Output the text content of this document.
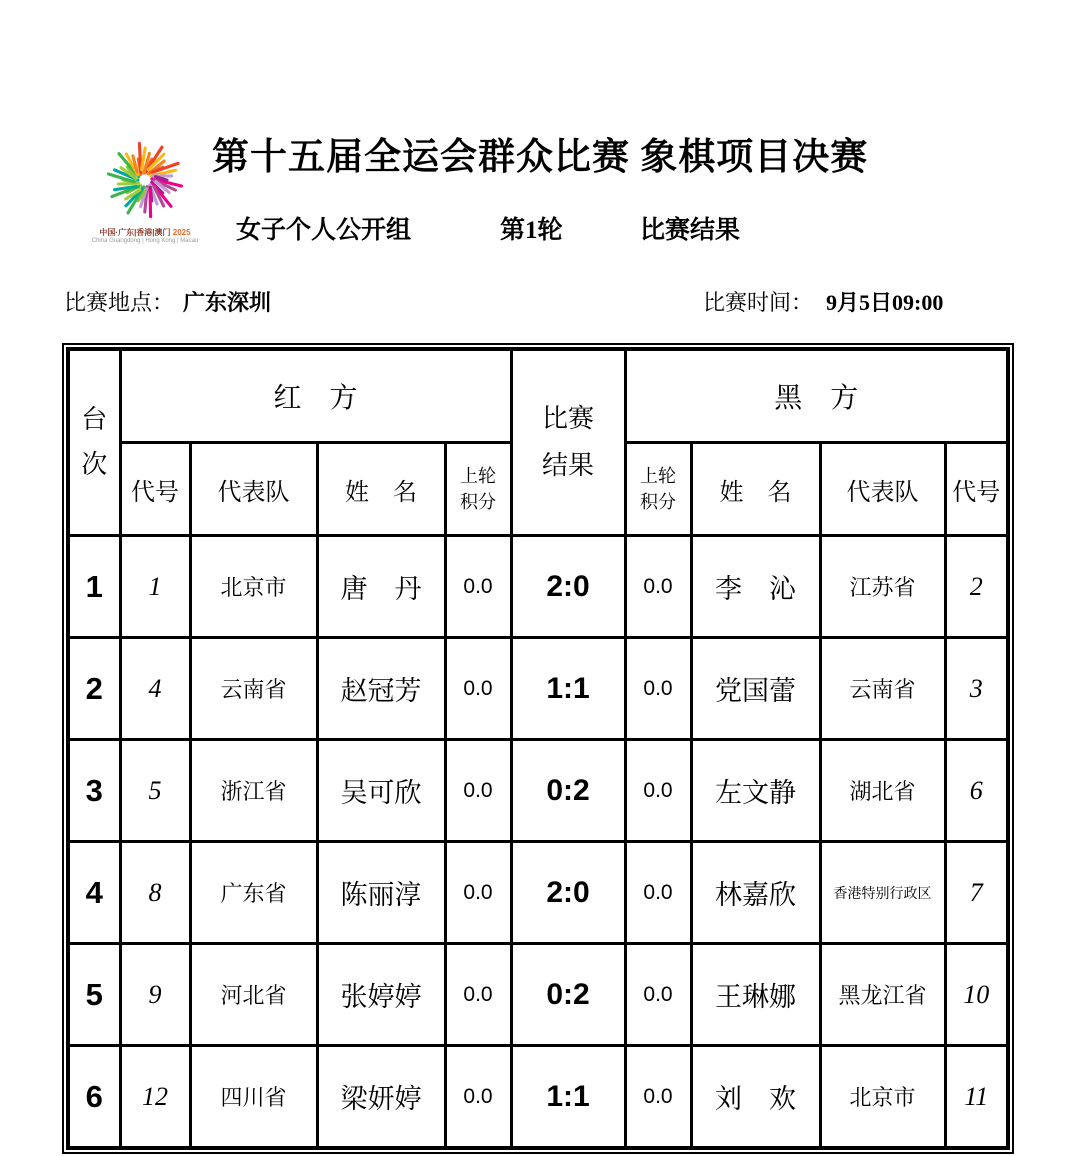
中国·广东|香港|澳门 2025
China Guangdong | Hong Kong | Macau
第十五届全运会群众比赛 象棋项目决赛
女子个人公开组	第1轮	比赛结果
比赛地点： 广东深圳	比赛时间： 9月5日09:00
台次	红　方				比赛结果	黑　方			
	代号	代表队	姓　名	上轮积分		上轮积分	姓　名	代表队	代号
1	1	北京市	唐　丹	0.0	2:0	0.0	李　沁	江苏省	2
2	4	云南省	赵冠芳	0.0	1:1	0.0	党国蕾	云南省	3
3	5	浙江省	吴可欣	0.0	0:2	0.0	左文静	湖北省	6
4	8	广东省	陈丽淳	0.0	2:0	0.0	林嘉欣	香港特别行政区	7
5	9	河北省	张婷婷	0.0	0:2	0.0	王琳娜	黑龙江省	10
6	12	四川省	梁妍婷	0.0	1:1	0.0	刘　欢	北京市	11
